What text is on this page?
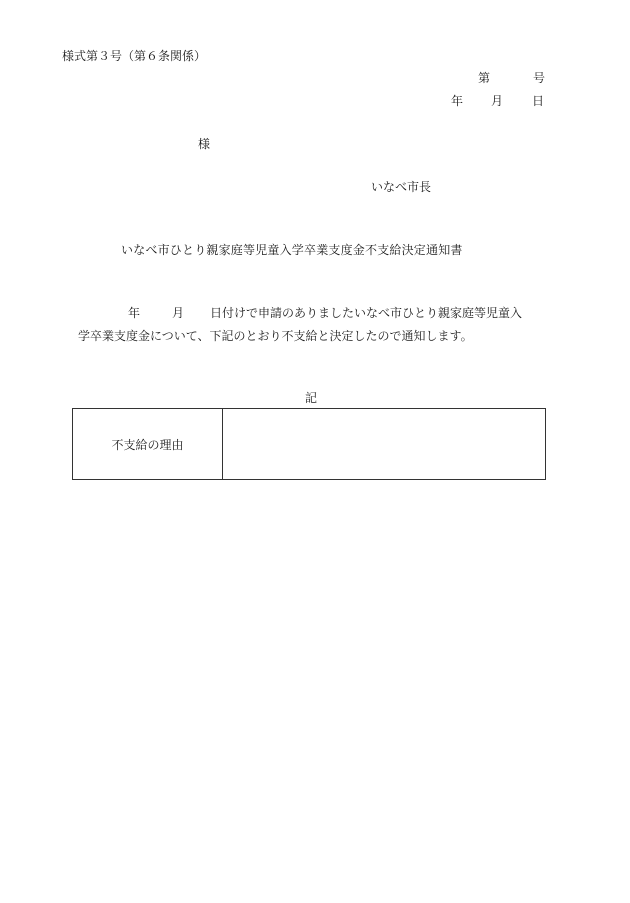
様式第３号（第６条関係）
第	号
年 月 日
様
いなべ市長
いなべ市ひとり親家庭等児童入学卒業支度金不支給決定通知書
年	月 日付けで申請のありましたいなべ市ひとり親家庭等児童入
学卒業支度金について、下記のとおり不支給と決定したので通知します。
記
不支給の理由
